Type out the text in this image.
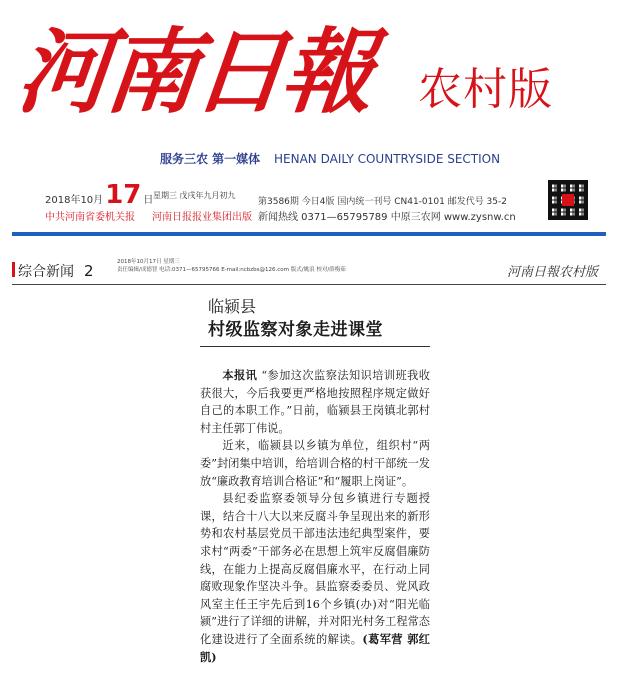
河南日報 农村版
服务三农 第一媒体 HENAN DAILY COUNTRYSIDE SECTION
2018年10月17 日 星期三 戊戌年九月初九
中共河南省委机关报 河南日报报业集团出版
第3586期 今日4版 国内统一刊号 CN41-0101 邮发代号 35-2
新闻热线 0371—65795789 中原三农网 www.zysnw.cn
综合新闻 2	2018年10月17日 星期三
责任编辑/成德智 电话:0371—65795766 E-mail:ncbzbs@126.com 版式/姚浪 校对/薛梅茹	河南日報农村版
临颍县
村级监察对象走进课堂

本报讯 “参加这次监察法知识培训班我收获很大，今后我要更严格地按照程序规定做好自己的本职工作。”日前，临颍县王岗镇北郭村村主任郭丁伟说。

近来，临颍县以乡镇为单位，组织村“两委”封闭集中培训，给培训合格的村干部统一发放“廉政教育培训合格证”和“履职上岗证”。

县纪委监察委领导分包乡镇进行专题授课，结合十八大以来反腐斗争呈现出来的新形势和农村基层党员干部违法违纪典型案件，要求村“两委”干部务必在思想上筑牢反腐倡廉防线，在能力上提高反腐倡廉水平，在行动上同腐败现象作坚决斗争。县监察委委员、党风政风室主任王宇先后到16个乡镇(办)对“阳光临颍”进行了详细的讲解，并对阳光村务工程常态化建设进行了全面系统的解读。(葛军营 郭红凯)
